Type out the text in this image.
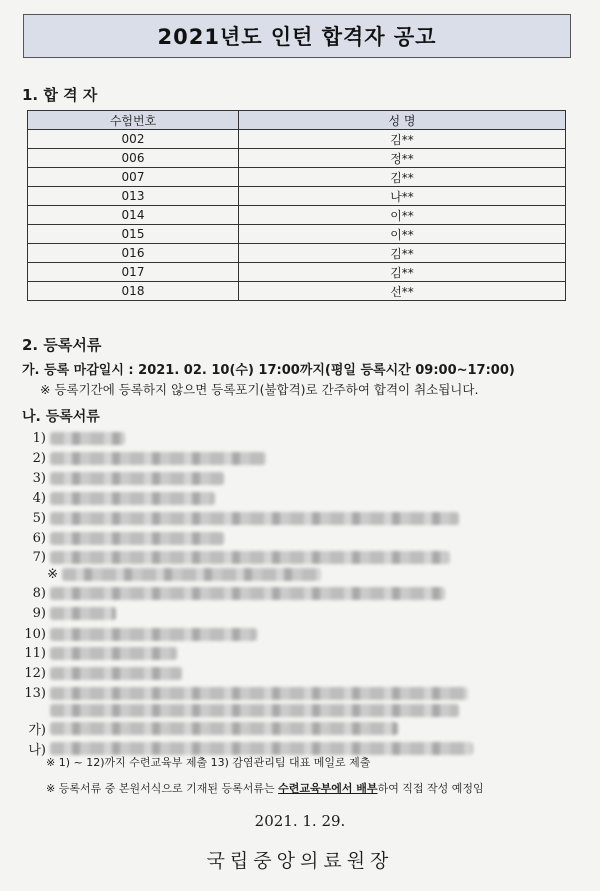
2021년도 인턴 합격자 공고
1. 합 격 자
수험번호	성 명
002	김**
006	정**
007	김**
013	나**
014	이**
015	이**
016	김**
017	김**
018	선**
2. 등록서류
가. 등록 마감일시 : 2021. 02. 10(수) 17:00까지(평일 등록시간 09:00~17:00)
※ 등록기간에 등록하지 않으면 등록포기(불합격)로 간주하여 합격이 취소됩니다.
나. 등록서류
1)
2)
3)
4)
5)
6)
7)
※
8)
9)
10)
11)
12)
13)
가)
나)
※ 1) ~ 12)까지 수련교육부 제출 13) 감염관리팀 대표 메일로 제출
※ 등록서류 중 본원서식으로 기재된 등록서류는 수련교육부에서 배부하여 직접 작성 예정임
2021. 1. 29.
국립중앙의료원장
